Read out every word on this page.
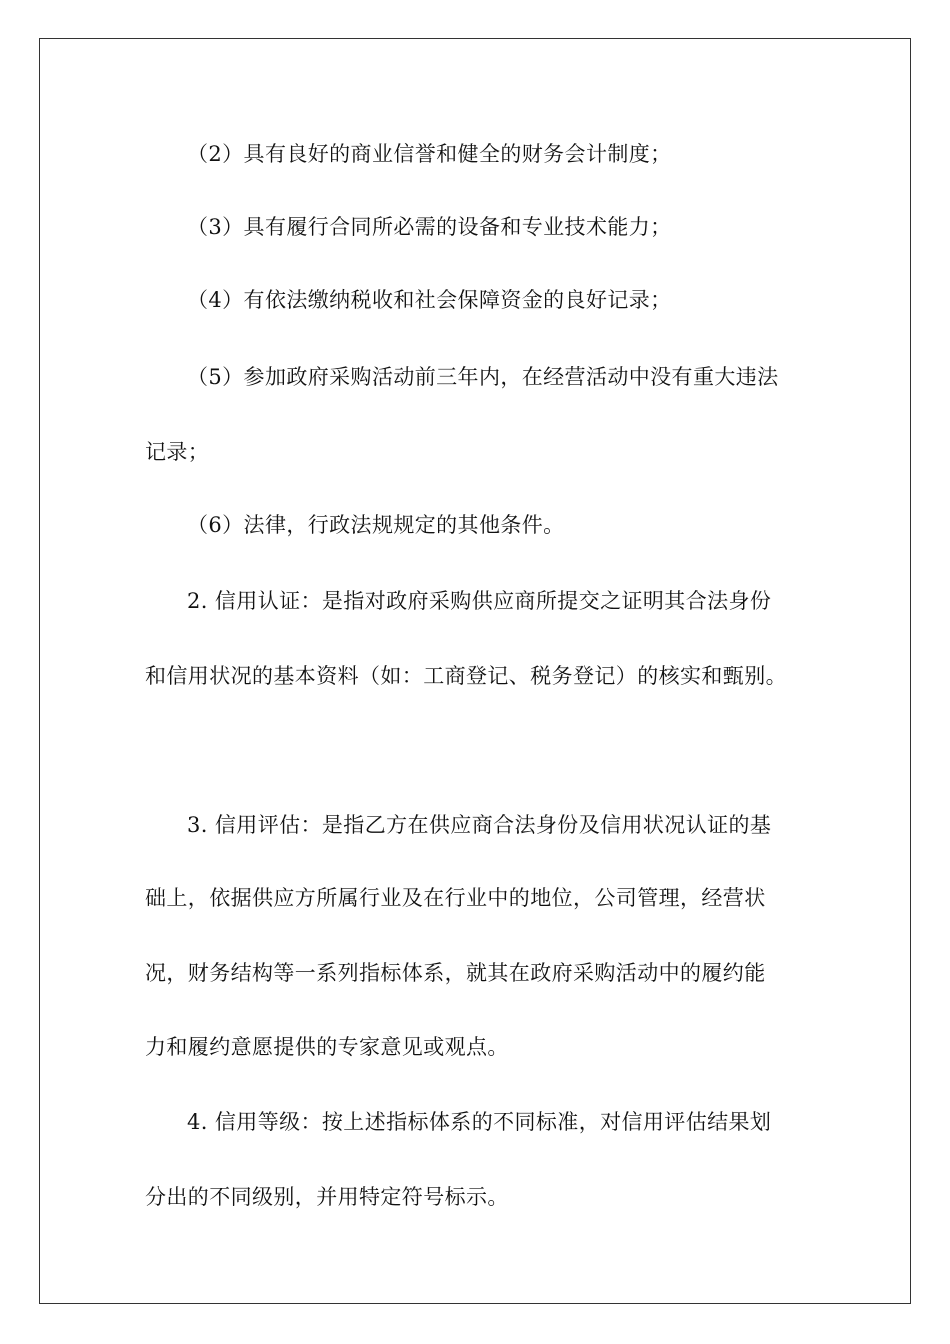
（2）具有良好的商业信誉和健全的财务会计制度；
（3）具有履行合同所必需的设备和专业技术能力；
（4）有依法缴纳税收和社会保障资金的良好记录；
（5）参加政府采购活动前三年内，在经营活动中没有重大违法
记录；
（6）法律，行政法规规定的其他条件。
2. 信用认证：是指对政府采购供应商所提交之证明其合法身份
和信用状况的基本资料（如：工商登记、税务登记）的核实和甄别。
3. 信用评估：是指乙方在供应商合法身份及信用状况认证的基
础上，依据供应方所属行业及在行业中的地位，公司管理，经营状
况，财务结构等一系列指标体系，就其在政府采购活动中的履约能
力和履约意愿提供的专家意见或观点。
4. 信用等级：按上述指标体系的不同标准，对信用评估结果划
分出的不同级别，并用特定符号标示。
